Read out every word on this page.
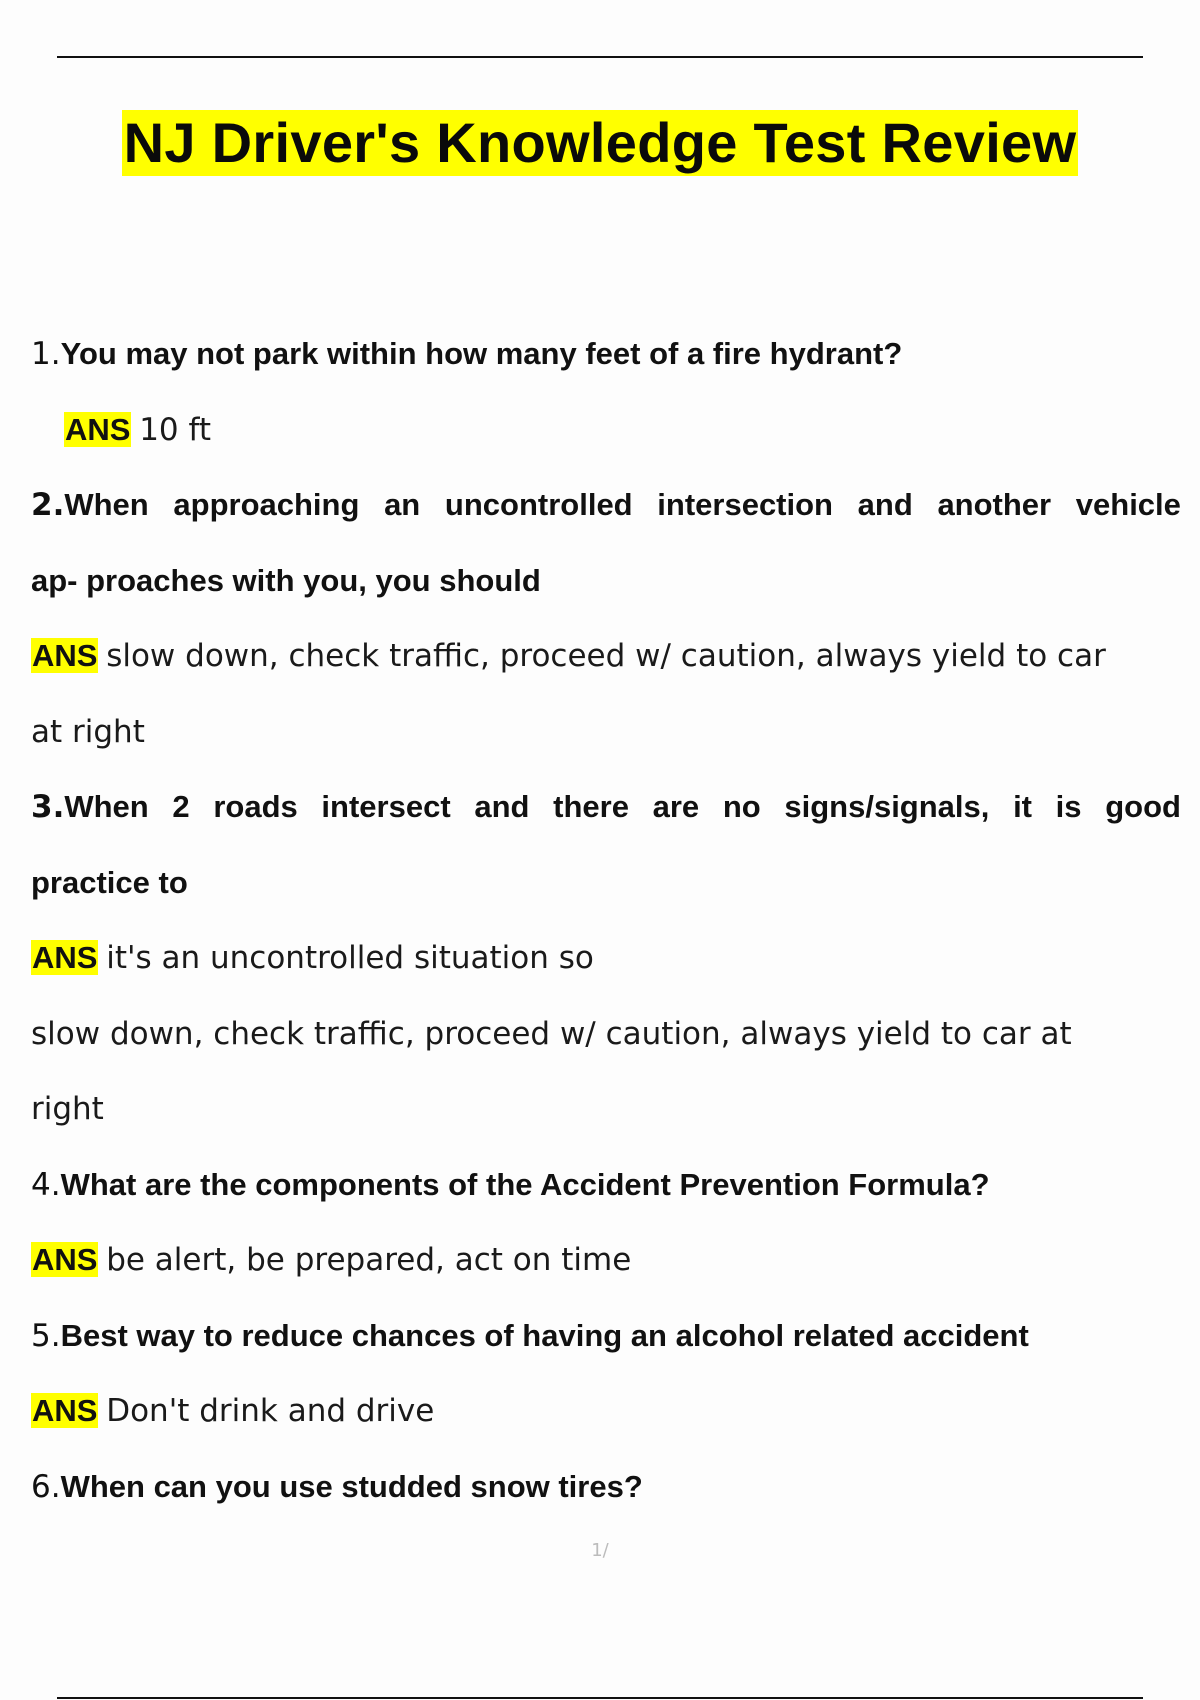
NJ Driver's Knowledge Test Review
1.You may not park within how many feet of a fire hydrant?
ANS 10 ft
2.When approaching an uncontrolled intersection and another vehicle
ap- proaches with you, you should
ANS slow down, check traffic, proceed w/ caution, always yield to car
at right
3.When 2 roads intersect and there are no signs/signals, it is good
practice to
ANS it's an uncontrolled situation so
slow down, check traffic, proceed w/ caution, always yield to car at
right
4.What are the components of the Accident Prevention Formula?
ANS be alert, be prepared, act on time
5.Best way to reduce chances of having an alcohol related accident
ANS Don't drink and drive
6.When can you use studded snow tires?
1/
